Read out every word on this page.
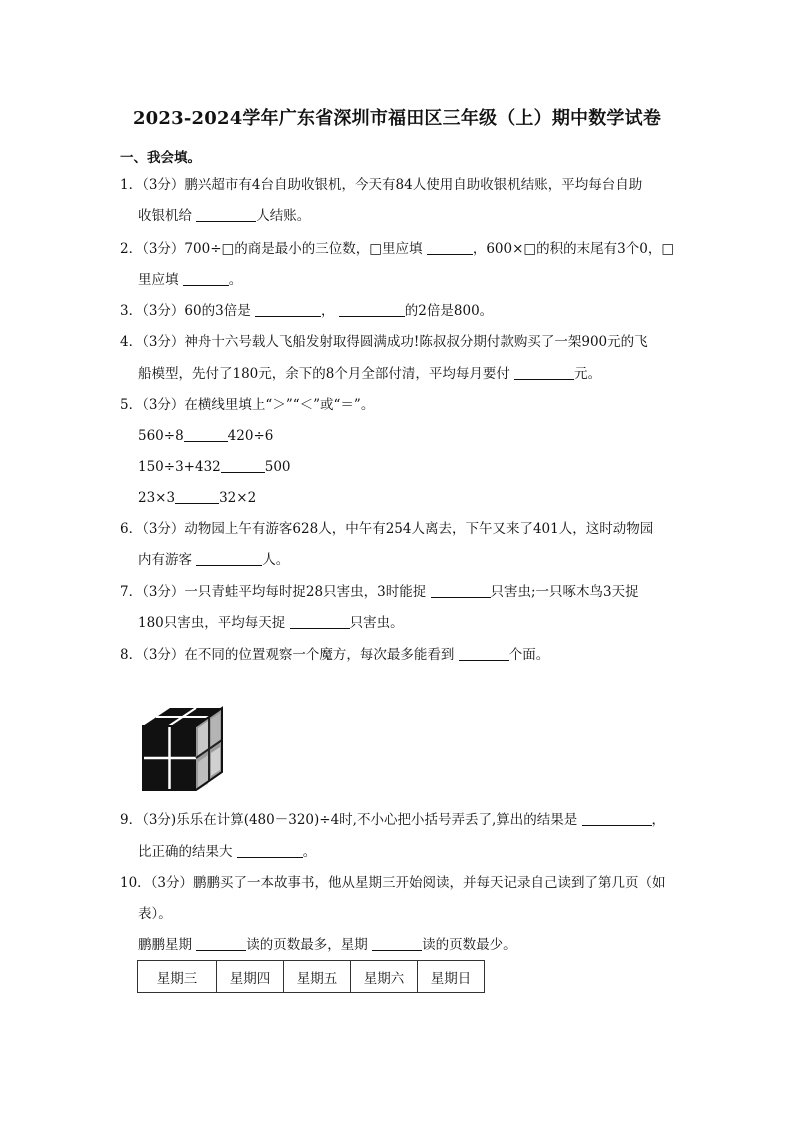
2023-2024学年广东省深圳市福田区三年级（上）期中数学试卷
一、我会填。
1．（3分）鹏兴超市有4台自助收银机，今天有84人使用自助收银机结账，平均每台自助
收银机给	人结账。
2．（3分）700÷□的商是最小的三位数，□里应填	，600×□的积的末尾有3个0，□
里应填	。
3．（3分）60的3倍是	，	的2倍是800。
4．（3分）神舟十六号载人飞船发射取得圆满成功!陈叔叔分期付款购买了一架900元的飞
船模型，先付了180元，余下的8个月全部付清，平均每月要付	元。
5．（3分）在横线里填上“＞”“＜”或“＝”。
560÷8	420÷6
150÷3+432	500
23×3	32×2
6．（3分）动物园上午有游客628人，中午有254人离去，下午又来了401人，这时动物园
内有游客	人。
7．（3分）一只青蛙平均每时捉28只害虫，3时能捉	只害虫;一只啄木鸟3天捉
180只害虫，平均每天捉	只害虫。
8．（3分）在不同的位置观察一个魔方，每次最多能看到	个面。
9．（3分)乐乐在计算(480－320)÷4时,不小心把小括号弄丢了,算出的结果是	，
比正确的结果大	。
10．（3分）鹏鹏买了一本故事书，他从星期三开始阅读，并每天记录自己读到了第几页（如
表）。
鹏鹏星期	读的页数最多，星期	读的页数最少。
星期三	星期四	星期五	星期六	星期日
